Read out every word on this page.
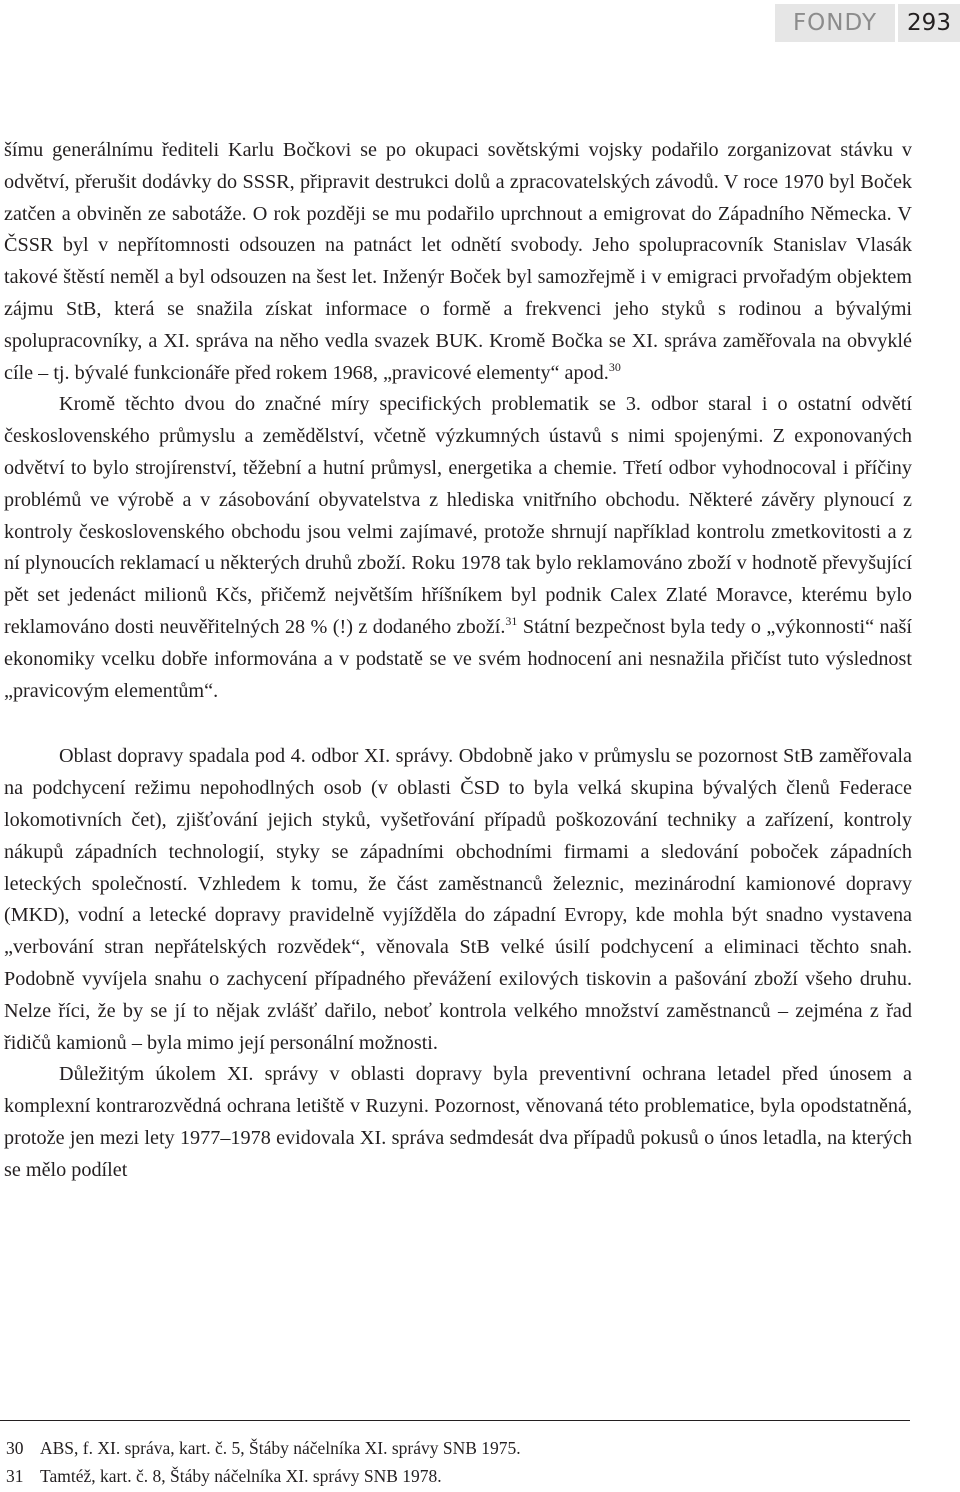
FONDY	293

šímu generálnímu řediteli Karlu Bočkovi se po okupaci sovětskými vojsky podařilo zorganizovat stávku v odvětví, přerušit dodávky do SSSR, připravit destrukci dolů a zpracovatelských závodů. V roce 1970 byl Boček zatčen a obviněn ze sabotáže. O rok později se mu podařilo uprchnout a emigrovat do Západního Německa. V ČSSR byl v nepřítomnosti odsouzen na patnáct let odnětí svobody. Jeho spolupracovník Stanislav Vlasák takové štěstí neměl a byl odsouzen na šest let. Inženýr Boček byl samozřejmě i v emigraci prvořadým objektem zájmu StB, která se snažila získat informace o formě a frekvenci jeho styků s rodinou a bývalými spolupracovníky, a XI. správa na něho vedla svazek BUK. Kromě Bočka se XI. správa zaměřovala na obvyklé cíle – tj. bývalé funkcionáře před rokem 1968, „pravicové elementy“ apod.$^{30}$

Kromě těchto dvou do značné míry specifických problematik se 3. odbor staral i o ostatní odvětí československého průmyslu a zemědělství, včetně výzkumných ústavů s nimi spojenými. Z exponovaných odvětví to bylo strojírenství, těžební a hutní průmysl, energetika a chemie. Třetí odbor vyhodnocoval i příčiny problémů ve výrobě a v zásobování obyvatelstva z hlediska vnitřního obchodu. Některé závěry plynoucí z kontroly československého obchodu jsou velmi zajímavé, protože shrnují například kontrolu zmetkovitosti a z ní plynoucích reklamací u některých druhů zboží. Roku 1978 tak bylo reklamováno zboží v hodnotě převyšující pět set jedenáct milionů Kčs, přičemž největším hříšníkem byl podnik Calex Zlaté Moravce, kterému bylo reklamováno dosti neuvěřitelných 28 % (!) z dodaného zboží.$^{31}$ Státní bezpečnost byla tedy o „výkonnosti“ naší ekonomiky vcelku dobře informována a v podstatě se ve svém hodnocení ani nesnažila přičíst tuto výslednost „pravicovým elementům“.

Oblast dopravy spadala pod 4. odbor XI. správy. Obdobně jako v průmyslu se pozornost StB zaměřovala na podchycení režimu nepohodlných osob (v oblasti ČSD to byla velká skupina bývalých členů Federace lokomotivních čet), zjišťování jejich styků, vyšetřování případů poškozování techniky a zařízení, kontroly nákupů západních technologií, styky se západními obchodními firmami a sledování poboček západních leteckých společností. Vzhledem k tomu, že část zaměstnanců železnic, mezinárodní kamionové dopravy (MKD), vodní a letecké dopravy pravidelně vyjížděla do západní Evropy, kde mohla být snadno vystavena „verbování stran nepřátelských rozvědek“, věnovala StB velké úsilí podchycení a eliminaci těchto snah. Podobně vyvíjela snahu o zachycení případného převážení exilových tiskovin a pašování zboží všeho druhu. Nelze říci, že by se jí to nějak zvlášť dařilo, neboť kontrola velkého množství zaměstnanců – zejména z řad řidičů kamionů – byla mimo její personální možnosti.

Důležitým úkolem XI. správy v oblasti dopravy byla preventivní ochrana letadel před únosem a komplexní kontrarozvědná ochrana letiště v Ruzyni. Pozornost, věnovaná této problematice, byla opodstatněná, protože jen mezi lety 1977–1978 evidovala XI. správa sedmdesát dva případů pokusů o únos letadla, na kterých se mělo podílet

30 ABS, f. XI. správa, kart. č. 5, Štáby náčelníka XI. správy SNB 1975.
31 Tamtéž, kart. č. 8, Štáby náčelníka XI. správy SNB 1978.
